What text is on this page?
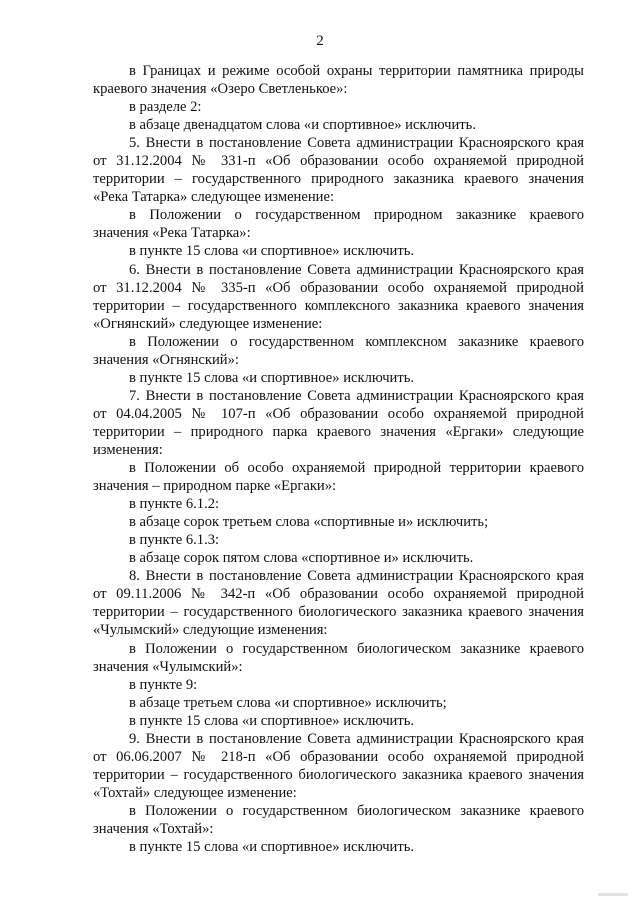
2

в Границах и режиме особой охраны территории памятника природы краевого значения «Озеро Светленькое»:

в разделе 2:

в абзаце двенадцатом слова «и спортивное» исключить.

5. Внести в постановление Совета администрации Красноярского края от 31.12.2004 № 331-п «Об образовании особо охраняемой природной территории – государственного природного заказника краевого значения «Река Татарка» следующее изменение:

в Положении о государственном природном заказнике краевого значения «Река Татарка»:

в пункте 15 слова «и спортивное» исключить.

6. Внести в постановление Совета администрации Красноярского края от 31.12.2004 № 335-п «Об образовании особо охраняемой природной территории – государственного комплексного заказника краевого значения «Огнянский» следующее изменение:

в Положении о государственном комплексном заказнике краевого значения «Огнянский»:

в пункте 15 слова «и спортивное» исключить.

7. Внести в постановление Совета администрации Красноярского края от 04.04.2005 № 107-п «Об образовании особо охраняемой природной территории – природного парка краевого значения «Ергаки» следующие изменения:

в Положении об особо охраняемой природной территории краевого значения – природном парке «Ергаки»:

в пункте 6.1.2:

в абзаце сорок третьем слова «спортивные и» исключить;

в пункте 6.1.3:

в абзаце сорок пятом слова «спортивное и» исключить.

8. Внести в постановление Совета администрации Красноярского края от 09.11.2006 № 342-п «Об образовании особо охраняемой природной территории – государственного биологического заказника краевого значения «Чулымский» следующие изменения:

в Положении о государственном биологическом заказнике краевого значения «Чулымский»:

в пункте 9:

в абзаце третьем слова «и спортивное» исключить;

в пункте 15 слова «и спортивное» исключить.

9. Внести в постановление Совета администрации Красноярского края от 06.06.2007 № 218-п «Об образовании особо охраняемой природной территории – государственного биологического заказника краевого значения «Тохтай» следующее изменение:

в Положении о государственном биологическом заказнике краевого значения «Тохтай»:

в пункте 15 слова «и спортивное» исключить.
